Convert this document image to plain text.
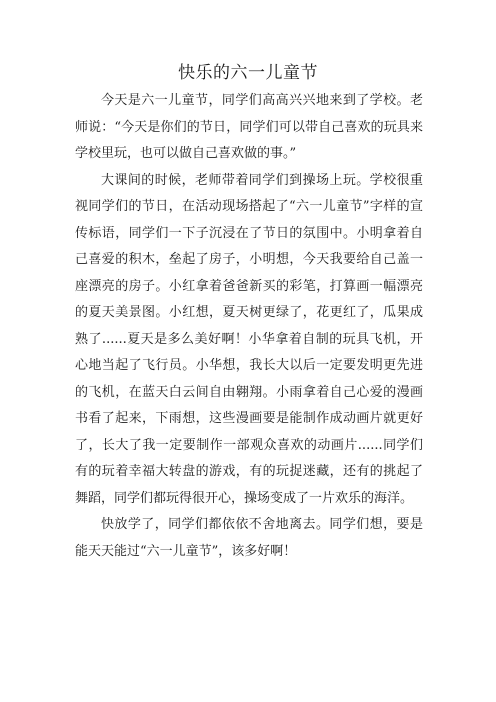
快乐的六一儿童节

今天是六一儿童节，同学们高高兴兴地来到了学校。老师说：“今天是你们的节日，同学们可以带自己喜欢的玩具来学校里玩，也可以做自己喜欢做的事。”

大课间的时候，老师带着同学们到操场上玩。学校很重视同学们的节日，在活动现场搭起了“六一儿童节”字样的宣传标语，同学们一下子沉浸在了节日的氛围中。小明拿着自己喜爱的积木，垒起了房子，小明想，今天我要给自己盖一座漂亮的房子。小红拿着爸爸新买的彩笔，打算画一幅漂亮的夏天美景图。小红想，夏天树更绿了，花更红了，瓜果成熟了......夏天是多么美好啊！小华拿着自制的玩具飞机，开心地当起了飞行员。小华想，我长大以后一定要发明更先进的飞机，在蓝天白云间自由翱翔。小雨拿着自己心爱的漫画书看了起来，下雨想，这些漫画要是能制作成动画片就更好了，长大了我一定要制作一部观众喜欢的动画片......同学们有的玩着幸福大转盘的游戏，有的玩捉迷藏，还有的挑起了舞蹈，同学们都玩得很开心，操场变成了一片欢乐的海洋。

快放学了，同学们都依依不舍地离去。同学们想，要是能天天能过“六一儿童节”，该多好啊！
